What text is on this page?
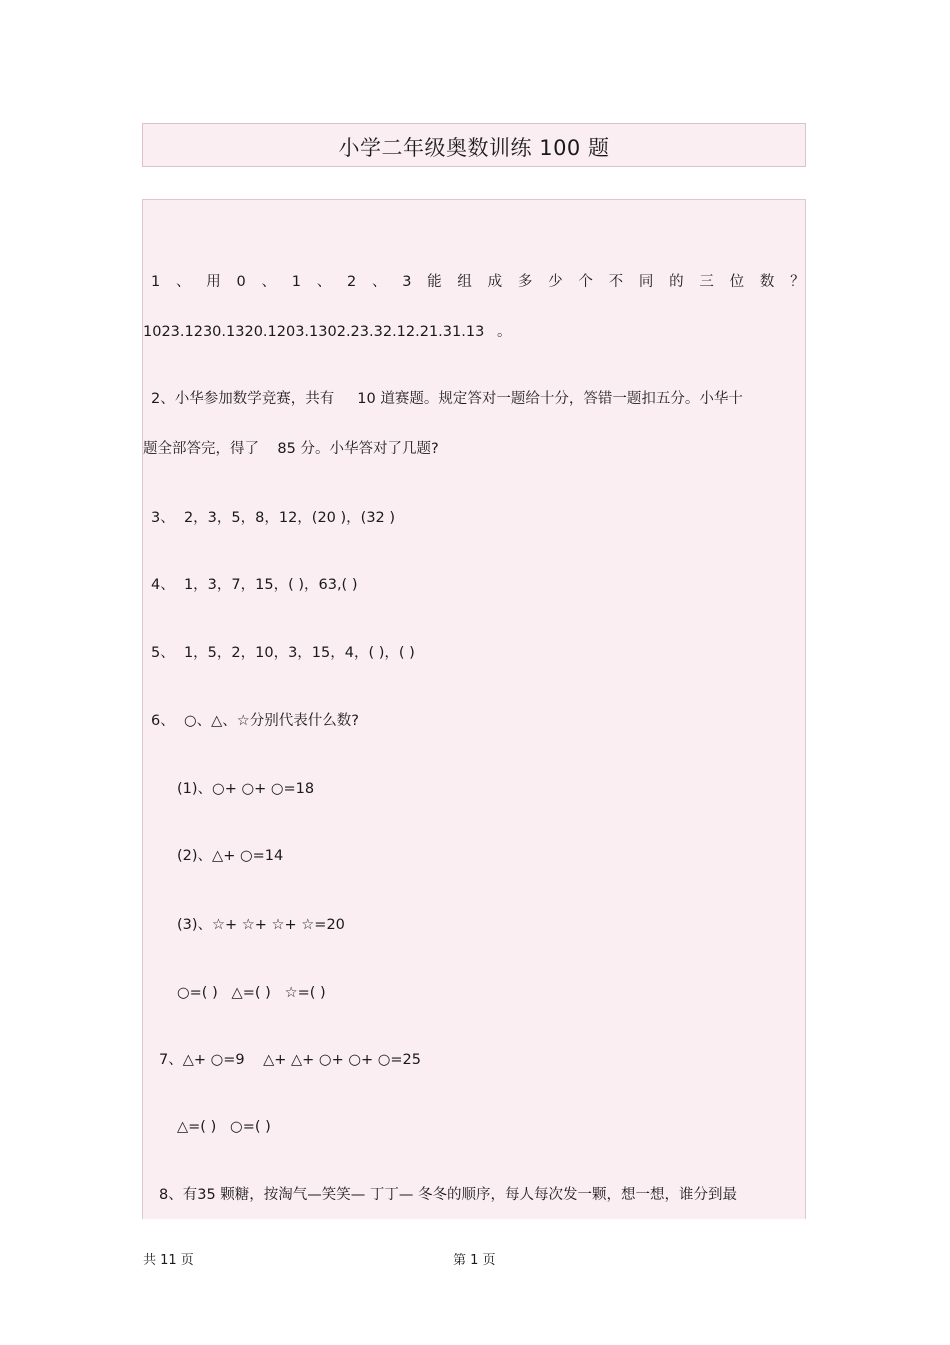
小学二年级奥数训练 100 题
1 、 用 0 、 1 、 2 、 3 能 组 成 多 少 个 不 同 的 三 位 数 ？
1023.1230.1320.1203.1302.23.32.12.21.31.13 。
2、小华参加数学竞赛，共有     10 道赛题。规定答对一题给十分，答错一题扣五分。小华十
题全部答完，得了    85 分。小华答对了几题?
3、  2，3，5，8，12，(20 )，(32 )
4、  1，3，7，15，( )，63,( )
5、  1，5，2，10，3，15，4，( )，( )
6、  ○、△、☆分别代表什么数?
(1)、○+ ○+ ○=18
(2)、△+ ○=14
(3)、☆+ ☆+ ☆+ ☆=20
○=( )   △=( )   ☆=( )
7、△+ ○=9    △+ △+ ○+ ○+ ○=25
△=( )   ○=( )
8、有35 颗糖，按淘气—笑笑— 丁丁— 冬冬的顺序，每人每次发一颗，想一想，谁分到最
共 11 页	第 1 页
